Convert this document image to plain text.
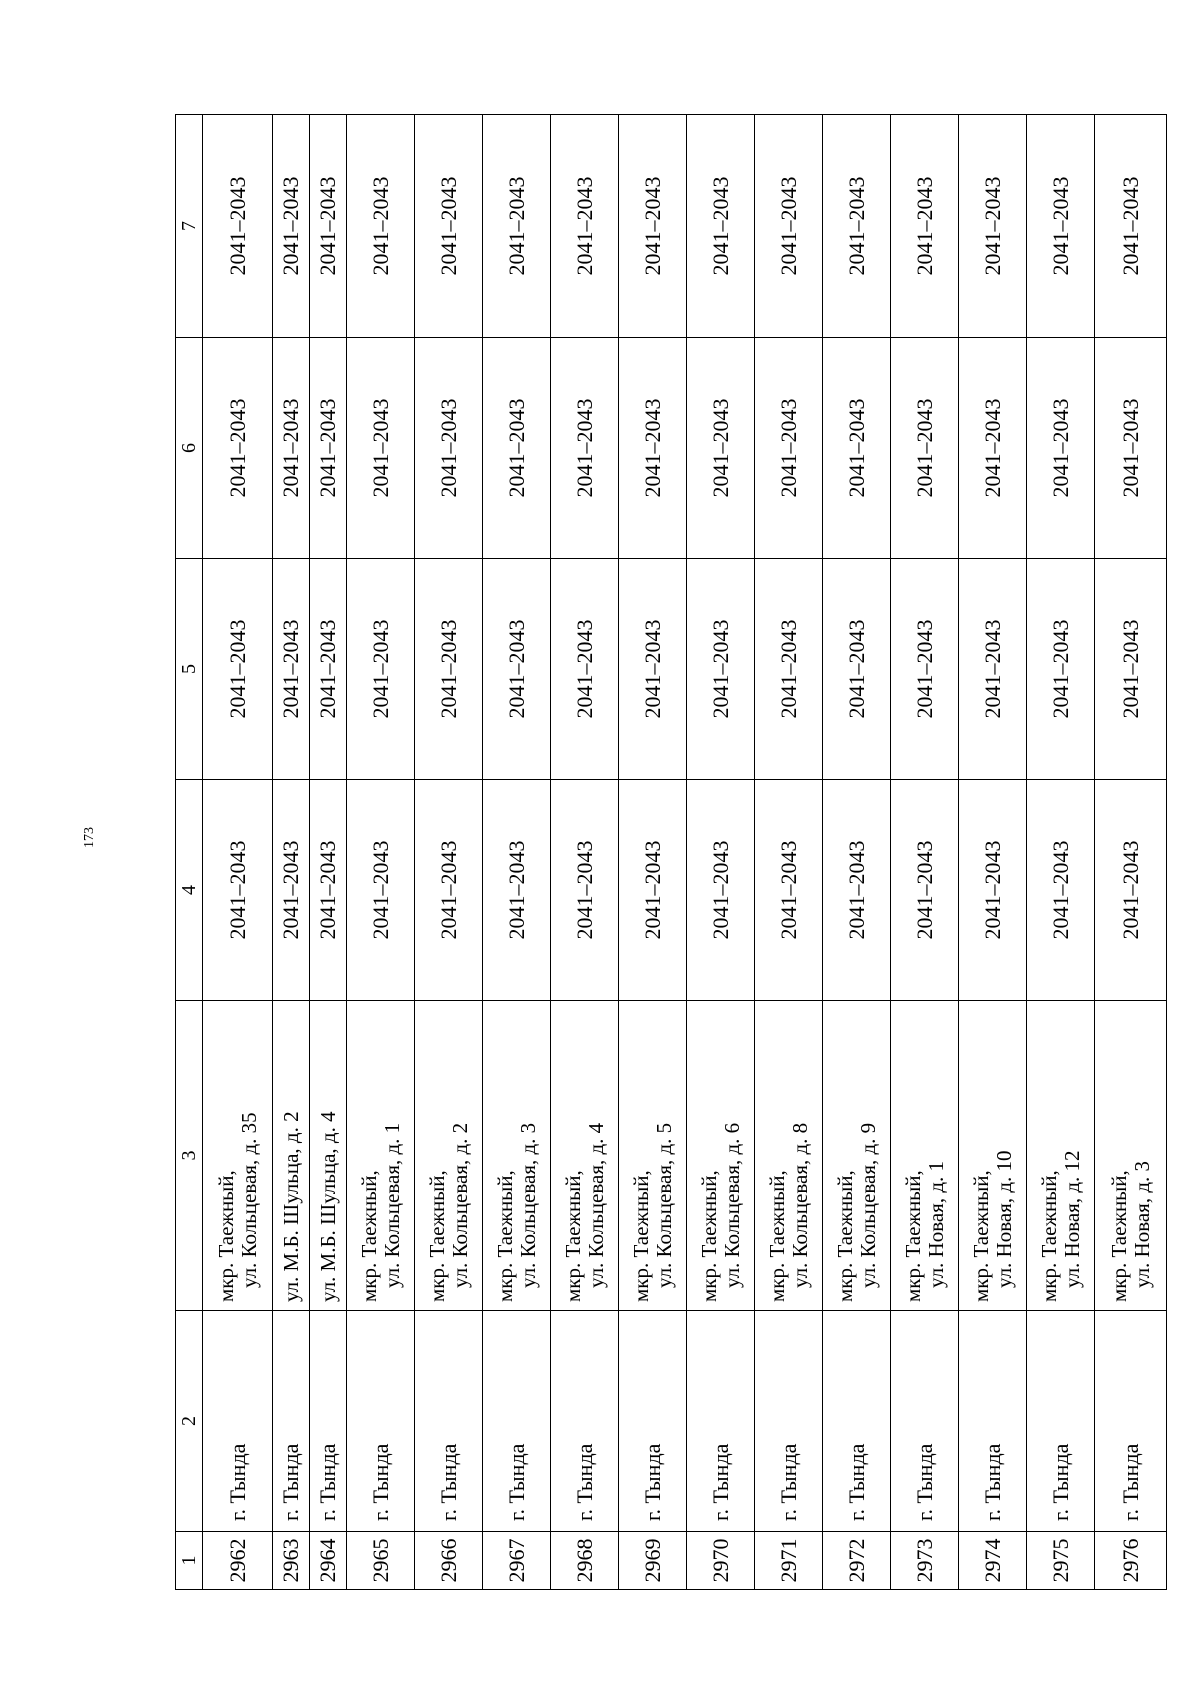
173
1	2	3	4	5	6	7
2962	г. Тында	мкр. Таежный,
ул. Кольцевая, д. 35	2041–2043	2041–2043	2041–2043	2041–2043
2963	г. Тында	ул. М.Б. Шульца, д. 2	2041–2043	2041–2043	2041–2043	2041–2043
2964	г. Тында	ул. М.Б. Шульца, д. 4	2041–2043	2041–2043	2041–2043	2041–2043
2965	г. Тында	мкр. Таежный,
ул. Кольцевая, д. 1	2041–2043	2041–2043	2041–2043	2041–2043
2966	г. Тында	мкр. Таежный,
ул. Кольцевая, д. 2	2041–2043	2041–2043	2041–2043	2041–2043
2967	г. Тында	мкр. Таежный,
ул. Кольцевая, д. 3	2041–2043	2041–2043	2041–2043	2041–2043
2968	г. Тында	мкр. Таежный,
ул. Кольцевая, д. 4	2041–2043	2041–2043	2041–2043	2041–2043
2969	г. Тында	мкр. Таежный,
ул. Кольцевая, д. 5	2041–2043	2041–2043	2041–2043	2041–2043
2970	г. Тында	мкр. Таежный,
ул. Кольцевая, д. 6	2041–2043	2041–2043	2041–2043	2041–2043
2971	г. Тында	мкр. Таежный,
ул. Кольцевая, д. 8	2041–2043	2041–2043	2041–2043	2041–2043
2972	г. Тында	мкр. Таежный,
ул. Кольцевая, д. 9	2041–2043	2041–2043	2041–2043	2041–2043
2973	г. Тында	мкр. Таежный,
ул. Новая, д. 1	2041–2043	2041–2043	2041–2043	2041–2043
2974	г. Тында	мкр. Таежный,
ул. Новая, д. 10	2041–2043	2041–2043	2041–2043	2041–2043
2975	г. Тында	мкр. Таежный,
ул. Новая, д. 12	2041–2043	2041–2043	2041–2043	2041–2043
2976	г. Тында	мкр. Таежный,
ул. Новая, д. 3	2041–2043	2041–2043	2041–2043	2041–2043
